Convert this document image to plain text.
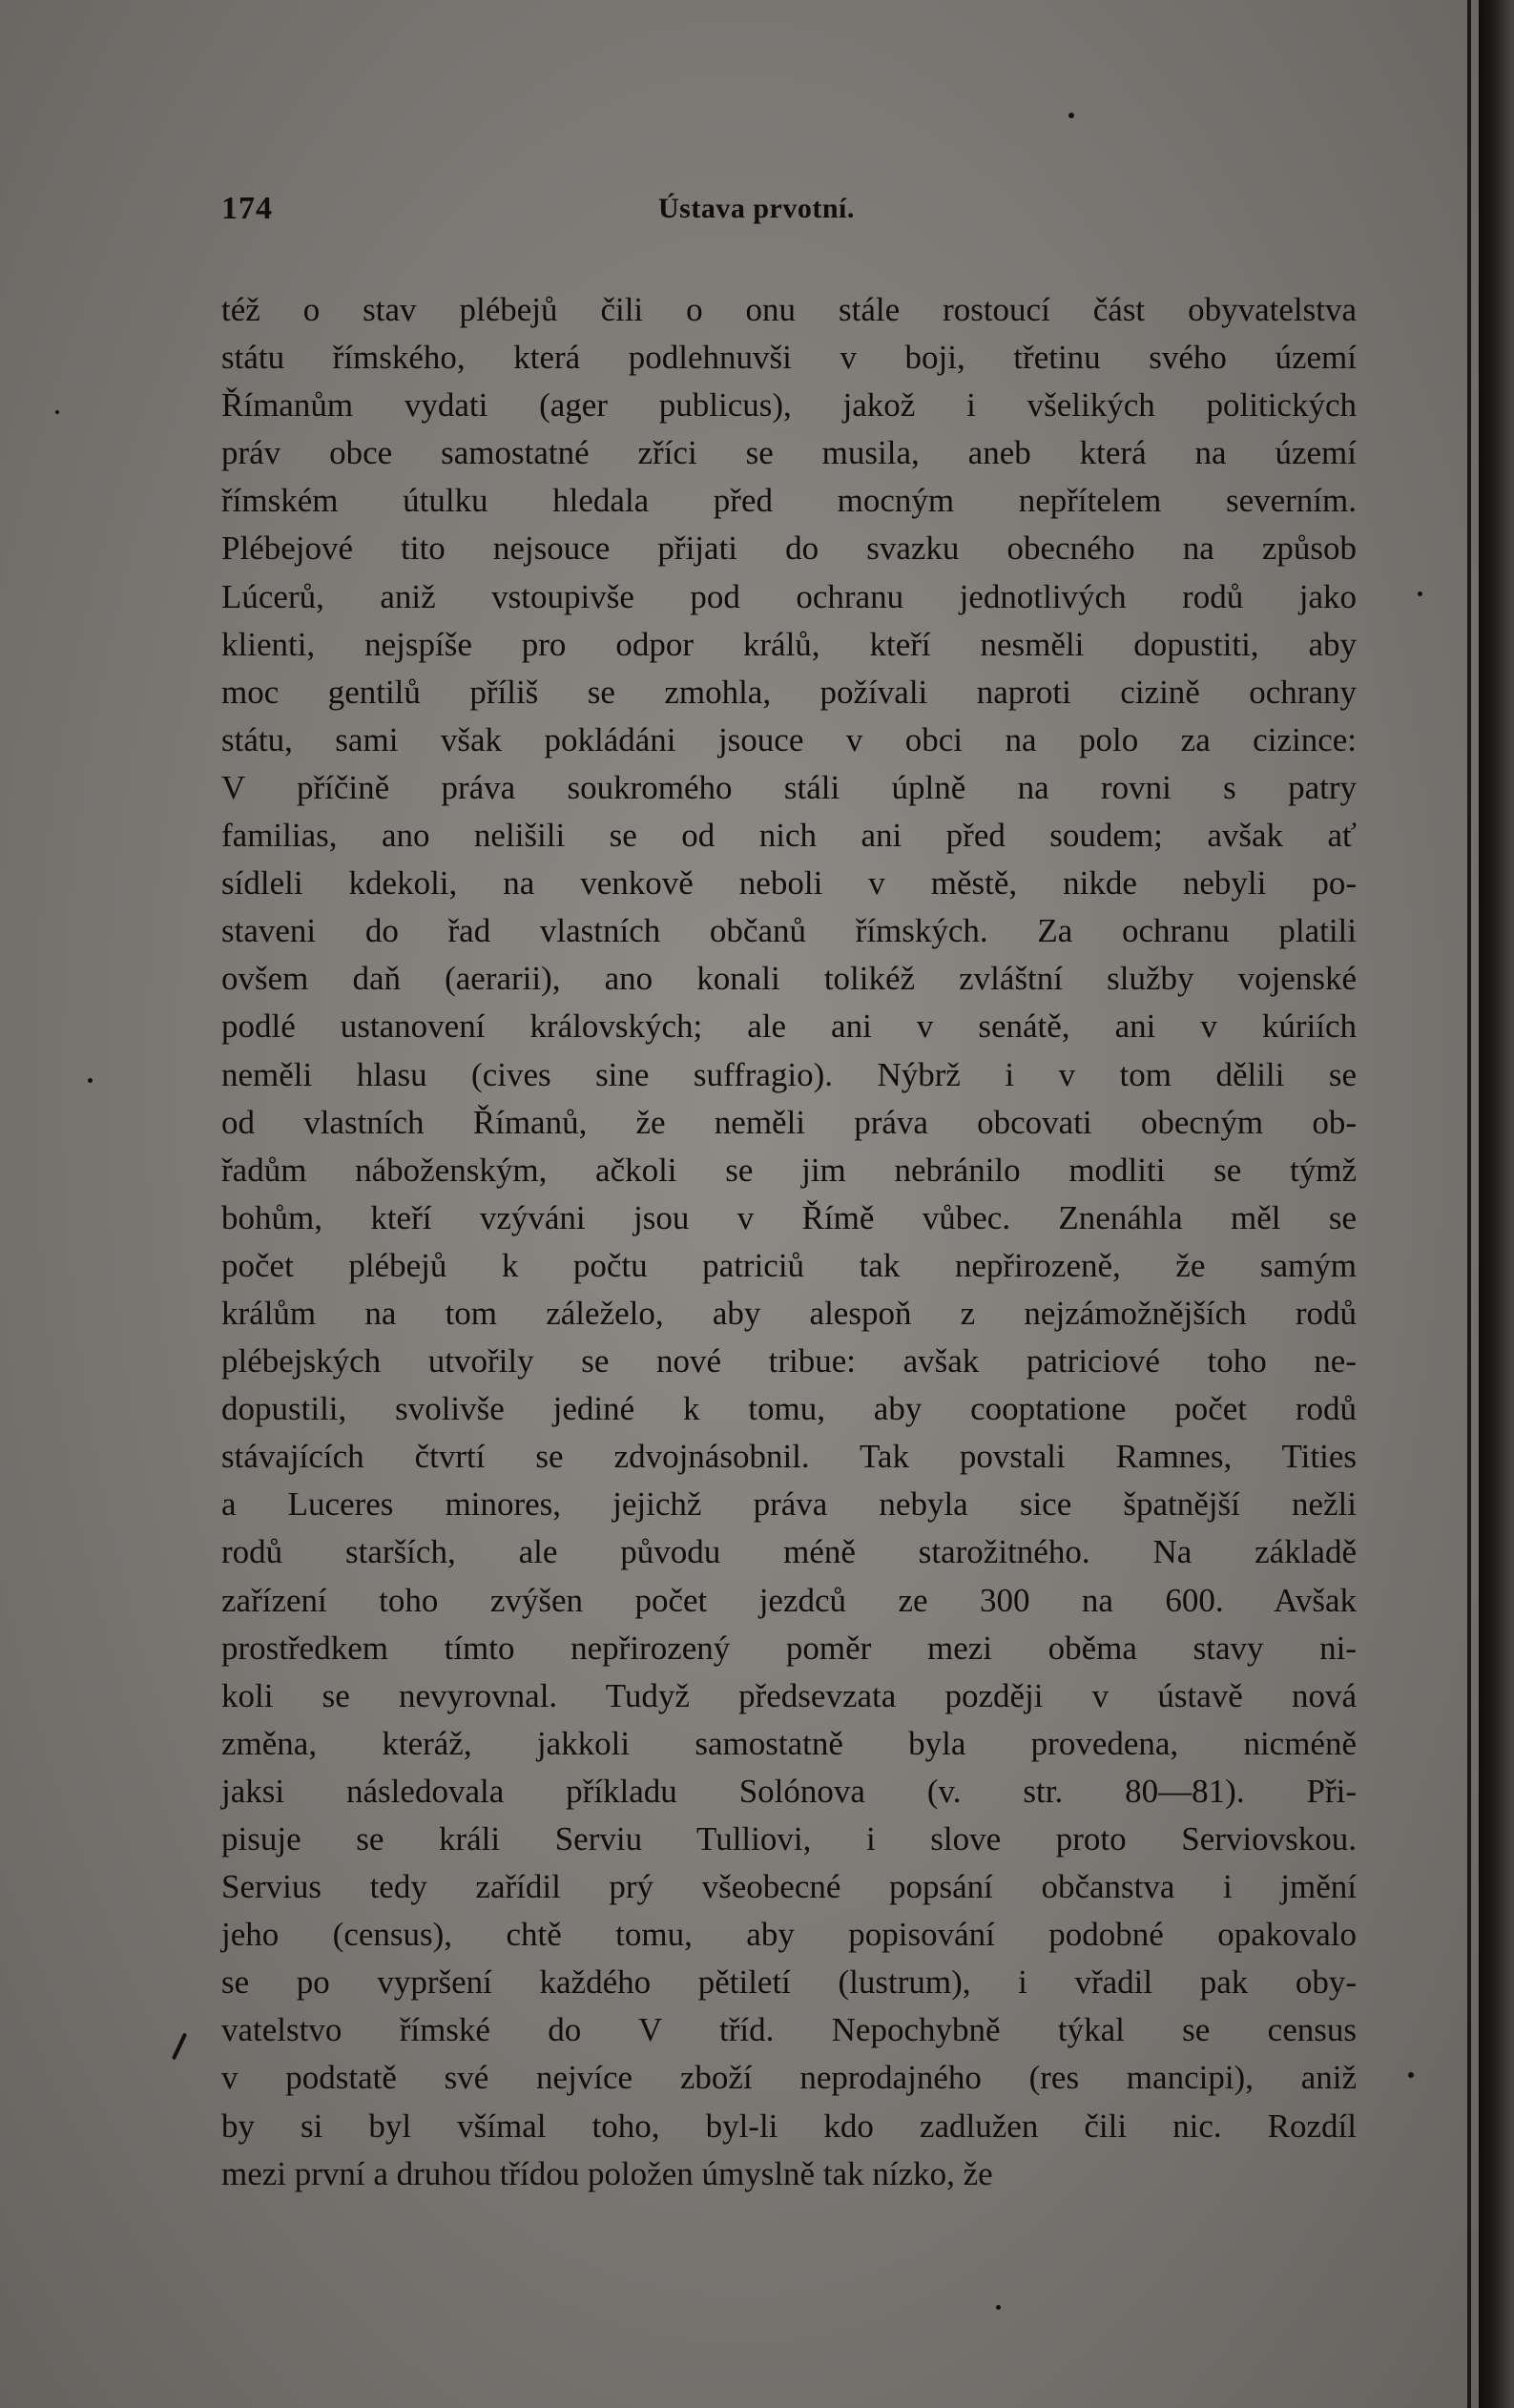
174	Ústava prvotní.
též o stav plébejů čili o onu stále rostoucí část obyvatelstva
státu římského, která podlehnuvši v boji, třetinu svého území
Římanům vydati (ager publicus), jakož i všelikých politických
práv obce samostatné zříci se musila, aneb která na území
římském útulku hledala před mocným nepřítelem severním.
Plébejové tito nejsouce přijati do svazku obecného na způsob
Lúcerů, aniž vstoupivše pod ochranu jednotlivých rodů jako
klienti, nejspíše pro odpor králů, kteří nesměli dopustiti, aby
moc gentilů příliš se zmohla, požívali naproti cizině ochrany
státu, sami však pokládáni jsouce v obci na polo za cizince:
V příčině práva soukromého stáli úplně na rovni s patry
familias, ano nelišili se od nich ani před soudem; avšak ať
sídleli kdekoli, na venkově neboli v městě, nikde nebyli po-
staveni do řad vlastních občanů římských. Za ochranu platili
ovšem daň (aerarii), ano konali tolikéž zvláštní služby vojenské
podlé ustanovení královských; ale ani v senátě, ani v kúriích
neměli hlasu (cives sine suffragio). Nýbrž i v tom dělili se
od vlastních Římanů, že neměli práva obcovati obecným ob-
řadům náboženským, ačkoli se jim nebránilo modliti se týmž
bohům, kteří vzýváni jsou v Římě vůbec. Znenáhla měl se
počet plébejů k počtu patriciů tak nepřirozeně, že samým
králům na tom záleželo, aby alespoň z nejzámožnějších rodů
plébejských utvořily se nové tribue: avšak patriciové toho ne-
dopustili, svolivše jediné k tomu, aby cooptatione počet rodů
stávajících čtvrtí se zdvojnásobnil. Tak povstali Ramnes, Tities
a Luceres minores, jejichž práva nebyla sice špatnější nežli
rodů starších, ale původu méně starožitného. Na základě
zařízení toho zvýšen počet jezdců ze 300 na 600. Avšak
prostředkem tímto nepřirozený poměr mezi oběma stavy ni-
koli se nevyrovnal. Tudyž předsevzata později v ústavě nová
změna, kteráž, jakkoli samostatně byla provedena, nicméně
jaksi následovala příkladu Solónova (v. str. 80—81). Při-
pisuje se králi Serviu Tulliovi, i slove proto Serviovskou.
Servius tedy zařídil prý všeobecné popsání občanstva i jmění
jeho (census), chtě tomu, aby popisování podobné opakovalo
se po vypršení každého pětiletí (lustrum), i vřadil pak oby-
vatelstvo římské do V tříd. Nepochybně týkal se census
v podstatě své nejvíce zboží neprodajného (res mancipi), aniž
by si byl všímal toho, byl-li kdo zadlužen čili nic. Rozdíl
mezi první a druhou třídou položen úmyslně tak nízko, že
